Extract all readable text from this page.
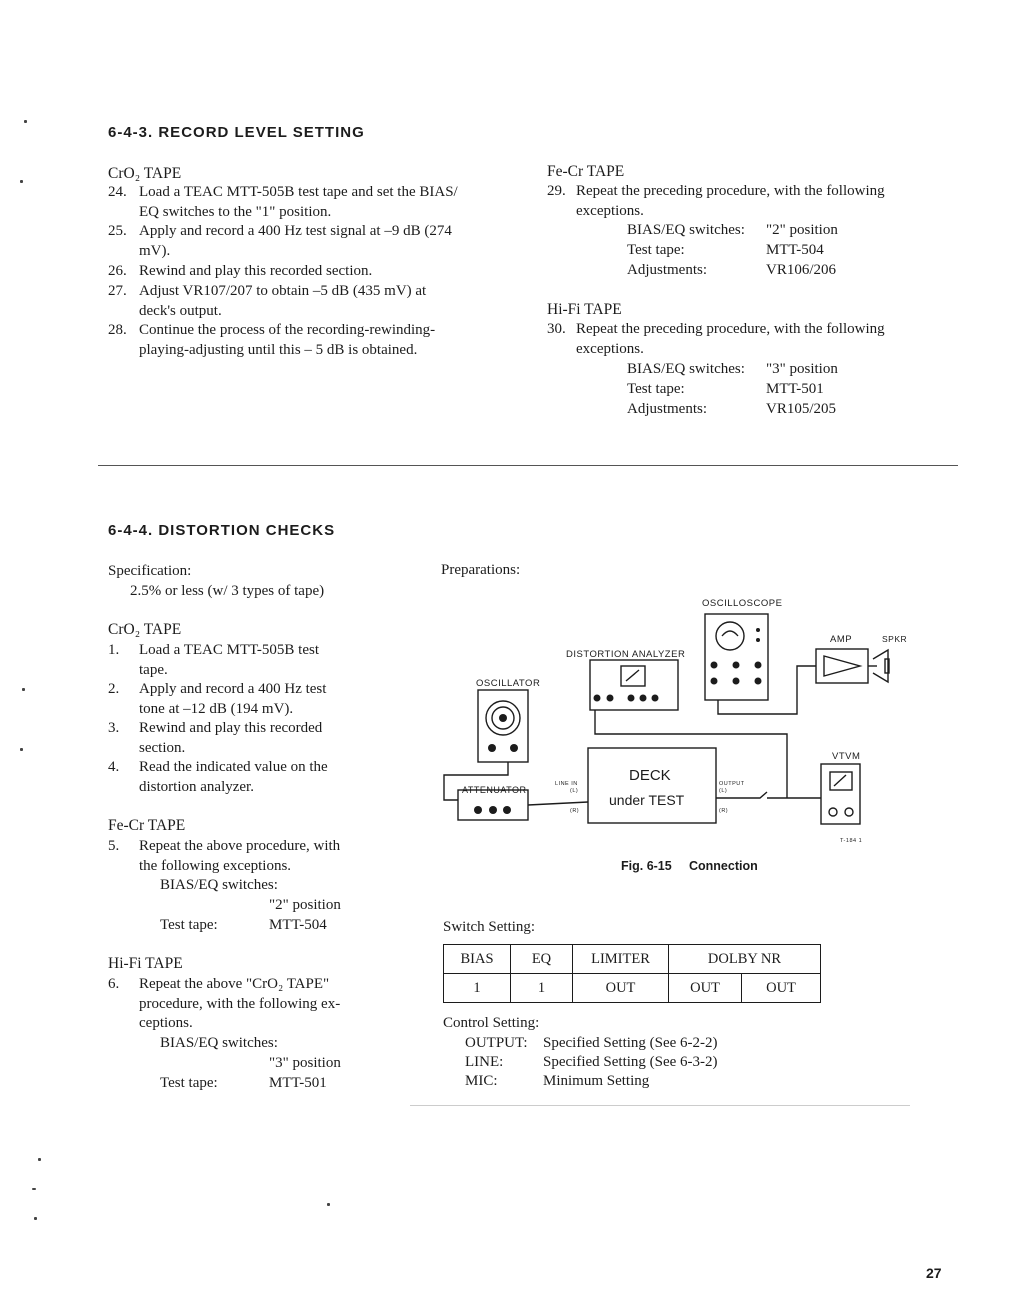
6-4-3. RECORD LEVEL SETTING
CrO₂ TAPE
24. Load a TEAC MTT-505B test tape and set the BIAS/
EQ switches to the "1" position.
25. Apply and record a 400 Hz test signal at –9 dB (274
mV).
26. Rewind and play this recorded section.
27. Adjust VR107/207 to obtain –5 dB (435 mV) at
deck's output.
28. Continue the process of the recording-rewinding-
playing-adjusting until this – 5 dB is obtained.
Fe-Cr TAPE
29. Repeat the preceding procedure, with the following
exceptions.
BIAS/EQ switches: "2" position
Test tape:	MTT-504
Adjustments:	VR106/206
Hi-Fi TAPE
30. Repeat the preceding procedure, with the following
exceptions.
BIAS/EQ switches: "3" position
Test tape:	MTT-501
Adjustments:	VR105/205
6-4-4. DISTORTION CHECKS
Specification:
2.5% or less (w/ 3 types of tape)
CrO₂ TAPE
1. Load a TEAC MTT-505B test
tape.
2. Apply and record a 400 Hz test
tone at –12 dB (194 mV).
3. Rewind and play this recorded
section.
4. Read the indicated value on the
distortion analyzer.
Fe-Cr TAPE
5. Repeat the above procedure, with
the following exceptions.
BIAS/EQ switches:
"2" position
Test tape:	MTT-504
Hi-Fi TAPE
6. Repeat the above "CrO₂ TAPE"
procedure, with the following ex-
ceptions.
BIAS/EQ switches:
"3" position
Test tape:	MTT-501
Preparations:
OSCILLOSCOPE
DISTORTION ANALYZER
OSCILLATOR
AMP	SPKR
VTVM
ATTENUATOR
LINE IN
(L)
(R)
OUTPUT
(L)
(R)
T-184 1
DECK
under TEST
Fig. 6-15 Connection
Switch Setting:
BIAS	EQ	LIMITER	DOLBY NR	
1	1	OUT	OUT	OUT
Control Setting:
OUTPUT: Specified Setting (See 6-2-2)
LINE:	Specified Setting (See 6-3-2)
MIC:	Minimum Setting
27
